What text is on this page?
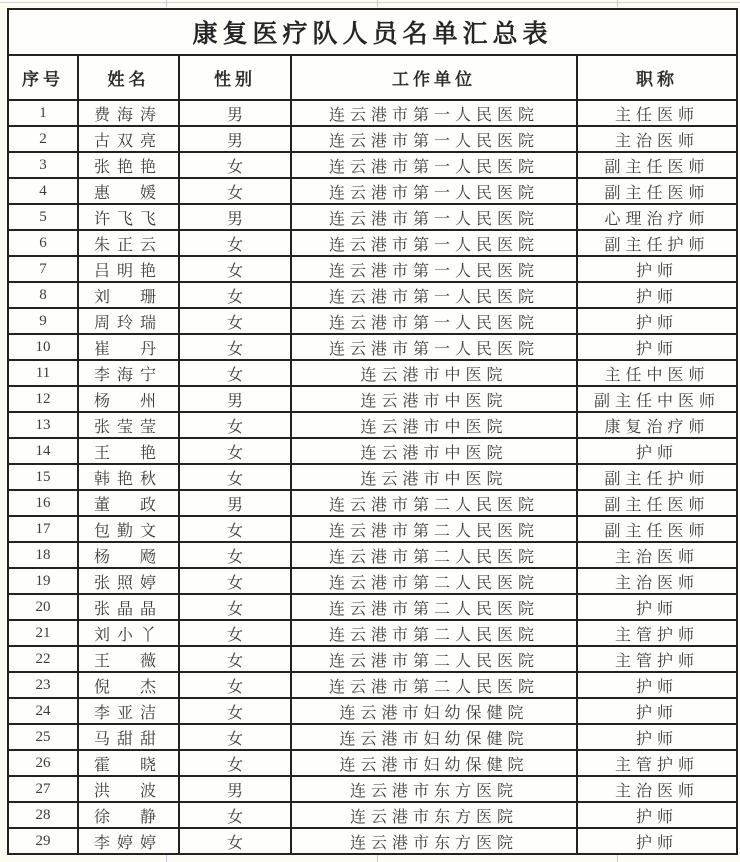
康复医疗队人员名单汇总表				
序号	姓名	性别	工作单位	职称
1	费海涛	男	连云港市第一人民医院	主任医师
2	古双亮	男	连云港市第一人民医院	主治医师
3	张艳艳	女	连云港市第一人民医院	副主任医师
4	惠　媛	女	连云港市第一人民医院	副主任医师
5	许飞飞	男	连云港市第一人民医院	心理治疗师
6	朱正云	女	连云港市第一人民医院	副主任护师
7	吕明艳	女	连云港市第一人民医院	护师
8	刘　珊	女	连云港市第一人民医院	护师
9	周玲瑞	女	连云港市第一人民医院	护师
10	崔　丹	女	连云港市第一人民医院	护师
11	李海宁	女	连云港市中医院	主任中医师
12	杨　州	男	连云港市中医院	副主任中医师
13	张莹莹	女	连云港市中医院	康复治疗师
14	王　艳	女	连云港市中医院	护师
15	韩艳秋	女	连云港市中医院	副主任护师
16	董　政	男	连云港市第二人民医院	副主任医师
17	包勤文	女	连云港市第二人民医院	副主任医师
18	杨　飏	女	连云港市第二人民医院	主治医师
19	张照婷	女	连云港市第二人民医院	主治医师
20	张晶晶	女	连云港市第二人民医院	护师
21	刘小丫	女	连云港市第二人民医院	主管护师
22	王　薇	女	连云港市第二人民医院	主管护师
23	倪　杰	女	连云港市第二人民医院	护师
24	李亚洁	女	连云港市妇幼保健院	护师
25	马甜甜	女	连云港市妇幼保健院	护师
26	霍　晓	女	连云港市妇幼保健院	主管护师
27	洪　波	男	连云港市东方医院	主治医师
28	徐　静	女	连云港市东方医院	护师
29	李婷婷	女	连云港市东方医院	护师
